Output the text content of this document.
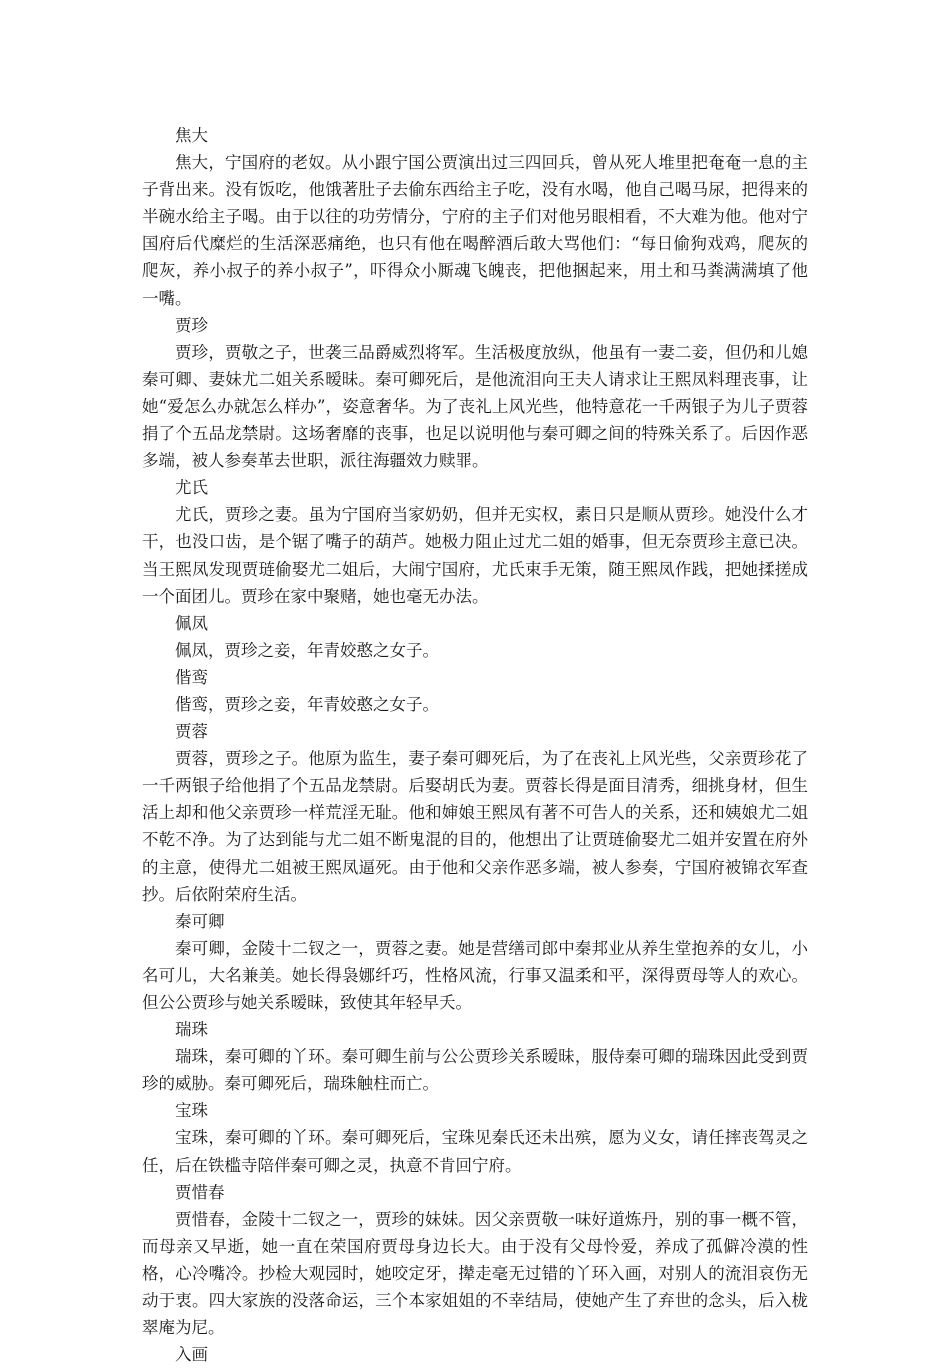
焦大

焦大，宁国府的老奴。从小跟宁国公贾演出过三四回兵，曾从死人堆里把奄奄一息的主子背出来。没有饭吃，他饿著肚子去偷东西给主子吃，没有水喝，他自己喝马尿，把得来的半碗水给主子喝。由于以往的功劳情分，宁府的主子们对他另眼相看，不大难为他。他对宁国府后代糜烂的生活深恶痛绝，也只有他在喝醉酒后敢大骂他们：“每日偷狗戏鸡，爬灰的爬灰，养小叔子的养小叔子”，吓得众小厮魂飞魄丧，把他捆起来，用土和马粪满满填了他一嘴。

贾珍

贾珍，贾敬之子，世袭三品爵威烈将军。生活极度放纵，他虽有一妻二妾，但仍和儿媳秦可卿、妻妹尤二姐关系暧昧。秦可卿死后，是他流泪向王夫人请求让王熙凤料理丧事，让她“爱怎么办就怎么样办”，姿意奢华。为了丧礼上风光些，他特意花一千两银子为儿子贾蓉捐了个五品龙禁尉。这场奢靡的丧事，也足以说明他与秦可卿之间的特殊关系了。后因作恶多端，被人参奏革去世职，派往海疆效力赎罪。

尤氏

尤氏，贾珍之妻。虽为宁国府当家奶奶，但并无实权，素日只是顺从贾珍。她没什么才干，也没口齿，是个锯了嘴子的葫芦。她极力阻止过尤二姐的婚事，但无奈贾珍主意已决。当王熙凤发现贾琏偷娶尤二姐后，大闹宁国府，尤氏束手无策，随王熙凤作践，把她揉搓成一个面团儿。贾珍在家中聚赌，她也毫无办法。

佩凤

佩凤，贾珍之妾，年青姣憨之女子。

偕鸾

偕鸾，贾珍之妾，年青姣憨之女子。

贾蓉

贾蓉，贾珍之子。他原为监生，妻子秦可卿死后，为了在丧礼上风光些，父亲贾珍花了一千两银子给他捐了个五品龙禁尉。后娶胡氏为妻。贾蓉长得是面目清秀，细挑身材，但生活上却和他父亲贾珍一样荒淫无耻。他和婶娘王熙凤有著不可告人的关系，还和姨娘尤二姐不乾不净。为了达到能与尤二姐不断鬼混的目的，他想出了让贾琏偷娶尤二姐并安置在府外的主意，使得尤二姐被王熙凤逼死。由于他和父亲作恶多端，被人参奏，宁国府被锦衣军查抄。后依附荣府生活。

秦可卿

秦可卿，金陵十二钗之一，贾蓉之妻。她是营缮司郎中秦邦业从养生堂抱养的女儿，小名可儿，大名兼美。她长得袅娜纤巧，性格风流，行事又温柔和平，深得贾母等人的欢心。但公公贾珍与她关系暧昧，致使其年轻早夭。

瑞珠

瑞珠，秦可卿的丫环。秦可卿生前与公公贾珍关系暧昧，服侍秦可卿的瑞珠因此受到贾珍的威胁。秦可卿死后，瑞珠触柱而亡。

宝珠

宝珠，秦可卿的丫环。秦可卿死后，宝珠见秦氏还未出殡，愿为义女，请任摔丧驾灵之任，后在铁槛寺陪伴秦可卿之灵，执意不肯回宁府。

贾惜春

贾惜春，金陵十二钗之一，贾珍的妹妹。因父亲贾敬一味好道炼丹，别的事一概不管，而母亲又早逝，她一直在荣国府贾母身边长大。由于没有父母怜爱，养成了孤僻冷漠的性格，心冷嘴冷。抄检大观园时，她咬定牙，撵走毫无过错的丫环入画，对别人的流泪哀伤无动于衷。四大家族的没落命运，三个本家姐姐的不幸结局，使她产生了弃世的念头，后入栊翠庵为尼。

入画
